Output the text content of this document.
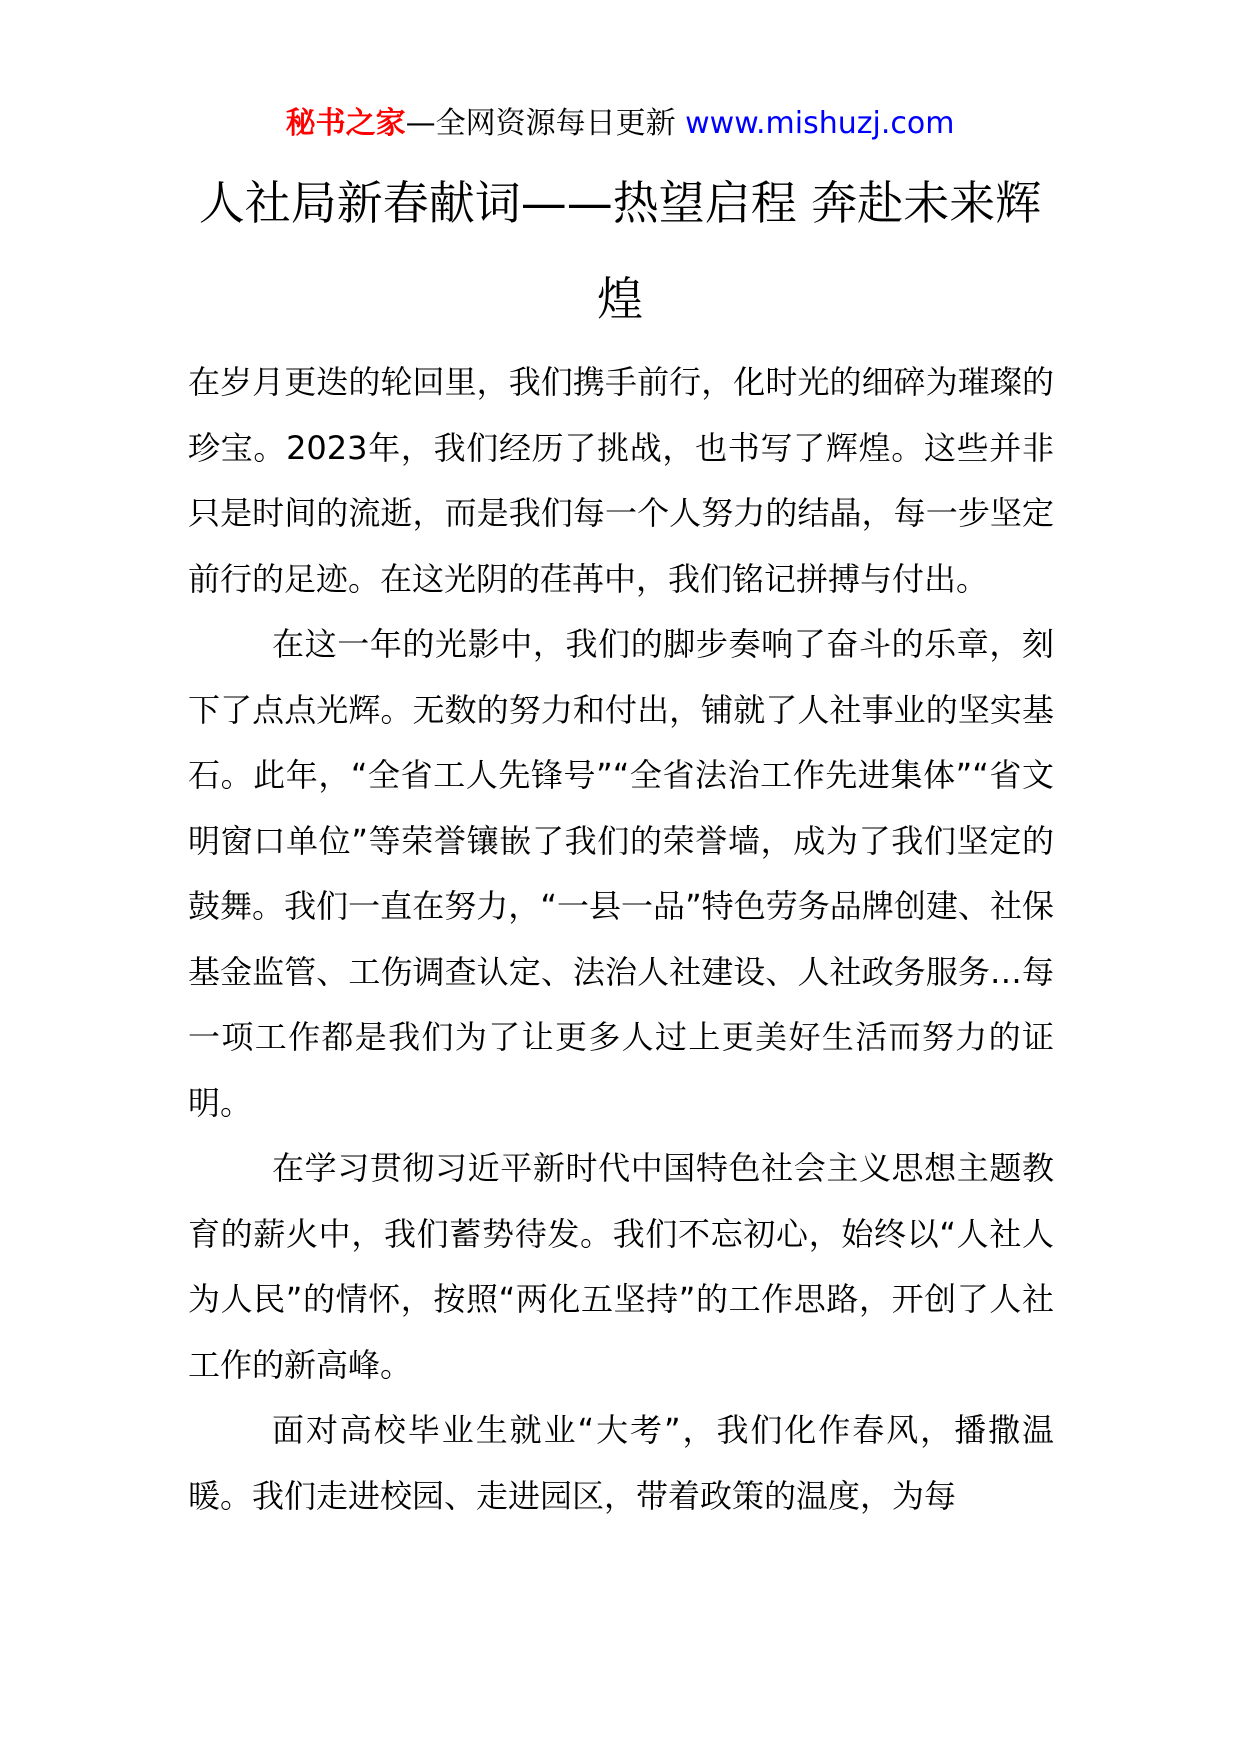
秘书之家—全网资源每日更新 www.mishuzj.com
人社局新春献词——热望启程 奔赴未来辉煌

在岁月更迭的轮回里，我们携手前行，化时光的细碎为璀璨的珍宝。2023年，我们经历了挑战，也书写了辉煌。这些并非只是时间的流逝，而是我们每一个人努力的结晶，每一步坚定前行的足迹。在这光阴的荏苒中，我们铭记拼搏与付出。

在这一年的光影中，我们的脚步奏响了奋斗的乐章，刻下了点点光辉。无数的努力和付出，铺就了人社事业的坚实基石。此年，“全省工人先锋号”“全省法治工作先进集体”“省文明窗口单位”等荣誉镶嵌了我们的荣誉墙，成为了我们坚定的鼓舞。我们一直在努力，“一县一品”特色劳务品牌创建、社保基金监管、工伤调查认定、法治人社建设、人社政务服务…每一项工作都是我们为了让更多人过上更美好生活而努力的证明。

在学习贯彻习近平新时代中国特色社会主义思想主题教育的薪火中，我们蓄势待发。我们不忘初心，始终以“人社人为人民”的情怀，按照“两化五坚持”的工作思路，开创了人社工作的新高峰。

面对高校毕业生就业“大考”，我们化作春风，播撒温暖。我们走进校园、走进园区，带着政策的温度，为每
